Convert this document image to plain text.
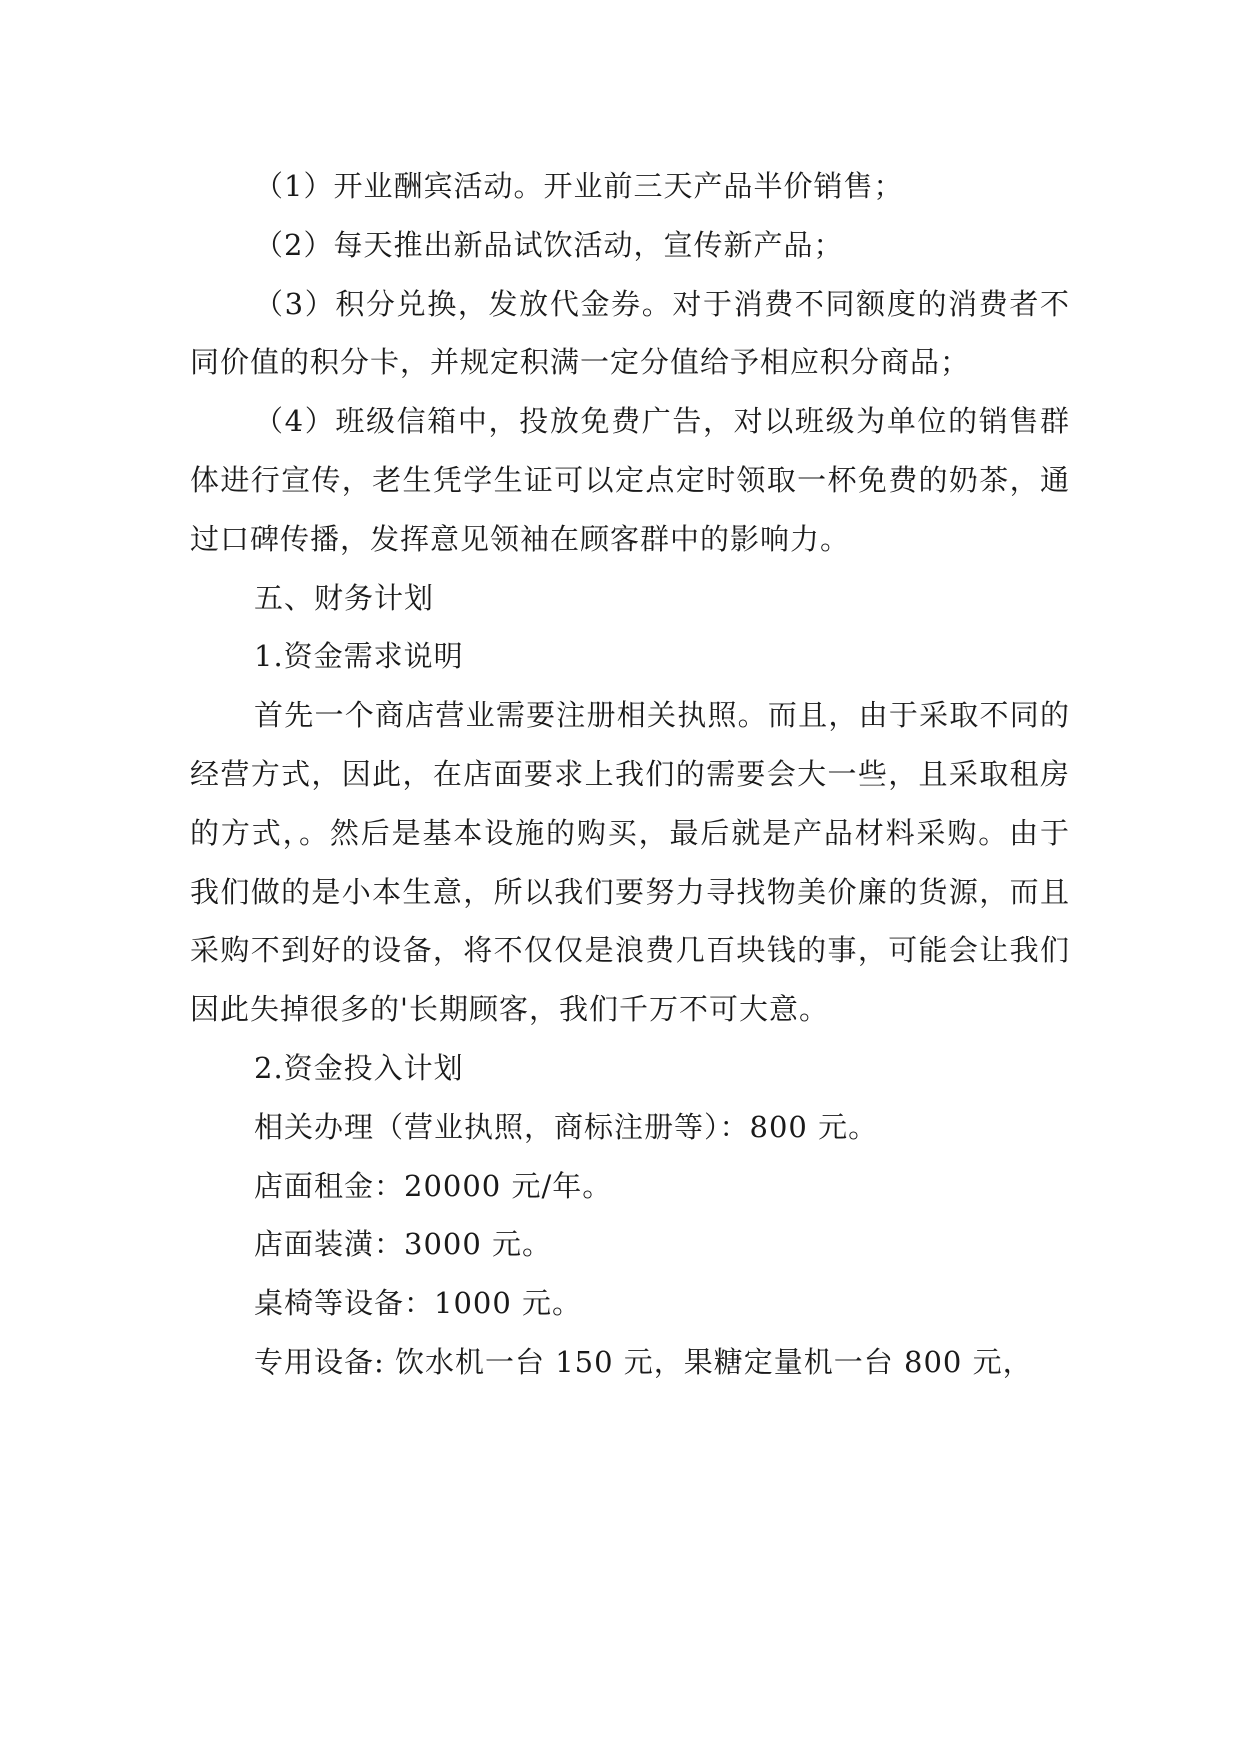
（1）开业酬宾活动。开业前三天产品半价销售；

（2）每天推出新品试饮活动，宣传新产品；

（3）积分兑换，发放代金券。对于消费不同额度的消费者不同价值的积分卡，并规定积满一定分值给予相应积分商品；

（4）班级信箱中，投放免费广告，对以班级为单位的销售群体进行宣传，老生凭学生证可以定点定时领取一杯免费的奶茶，通过口碑传播，发挥意见领袖在顾客群中的影响力。

五、财务计划

1.资金需求说明

首先一个商店营业需要注册相关执照。而且，由于采取不同的经营方式，因此，在店面要求上我们的需要会大一些，且采取租房的方式，。然后是基本设施的购买，最后就是产品材料采购。由于我们做的是小本生意，所以我们要努力寻找物美价廉的货源，而且采购不到好的设备，将不仅仅是浪费几百块钱的事，可能会让我们因此失掉很多的'长期顾客，我们千万不可大意。

2.资金投入计划

相关办理（营业执照，商标注册等）：800 元。

店面租金：20000 元/年。

店面装潢：3000 元。

桌椅等设备：1000 元。

专用设备: 饮水机一台 150 元，果糖定量机一台 800 元，
